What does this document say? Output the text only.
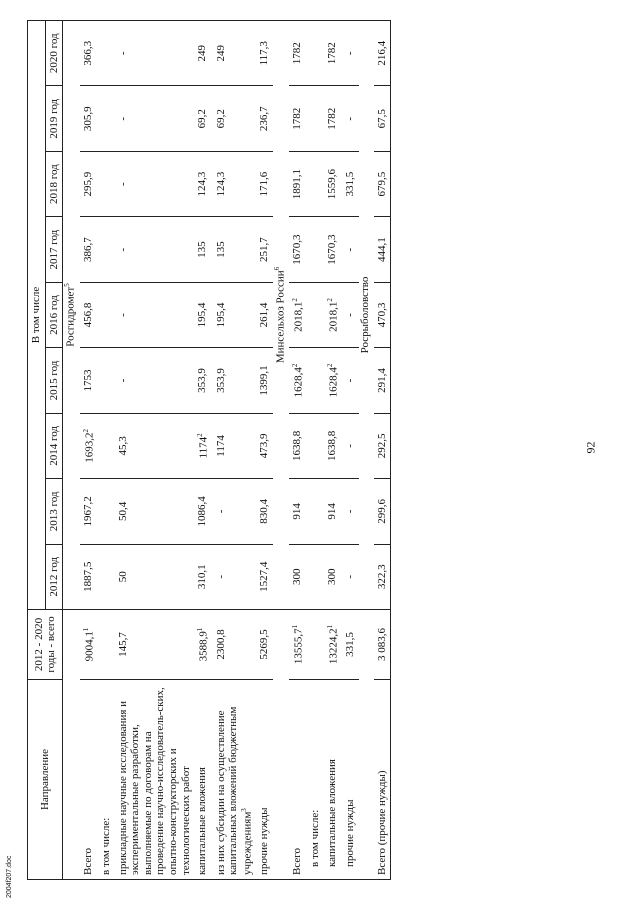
92
Направление	2012 - 2020 годы - всего	В том числе								
		2012 год	2013 год	2014 год	2015 год	2016 год	2017 год	2018 год	2019 год	2020 год
		Росгидромет$^5$
Всего	9004,1$^1$	1887,5	1967,2	1693,2$^2$	1753	456,8	386,7	295,9	305,9	366,3
в том числе:										
прикладные научные исследования и экспериментальные разработки, выполняемые по договорам на проведение научно-исследователь-ских, опытно-конструкторских и технологических работ	145,7	50	50,4	45,3	-	-	-	-	-	-
капитальные вложения	3588,9$^1$	310,1	1086,4	1174$^2$	353,9	195,4	135	124,3	69,2	249
из них субсидии на осуществление капитальных вложений бюджетным учреждениям$^3$	2300,8	-	-	1174	353,9	195,4	135	124,3	69,2	249
прочие нужды	5269,5	1527,4	830,4	473,9	1399,1	261,4	251,7	171,6	236,7	117,3
		Минсельхоз России$^6$
Всего	13555,7$^1$	300	914	1638,8	1628,4$^2$	2018,1$^2$	1670,3	1891,1	1782	1782
в том числе:										
капитальные вложения	13224,2$^1$	300	914	1638,8	1628,4$^2$	2018,1$^2$	1670,3	1559,6	1782	1782
прочие нужды	331,5	-	-	-	-	-	-	331,5	-	-
		Росрыболовство								
Всего (прочие нужды)	3 083,6	322,3	299,6	292,5	291,4	470,3	444,1	679,5	67,5	216,4
2004f207.doc
